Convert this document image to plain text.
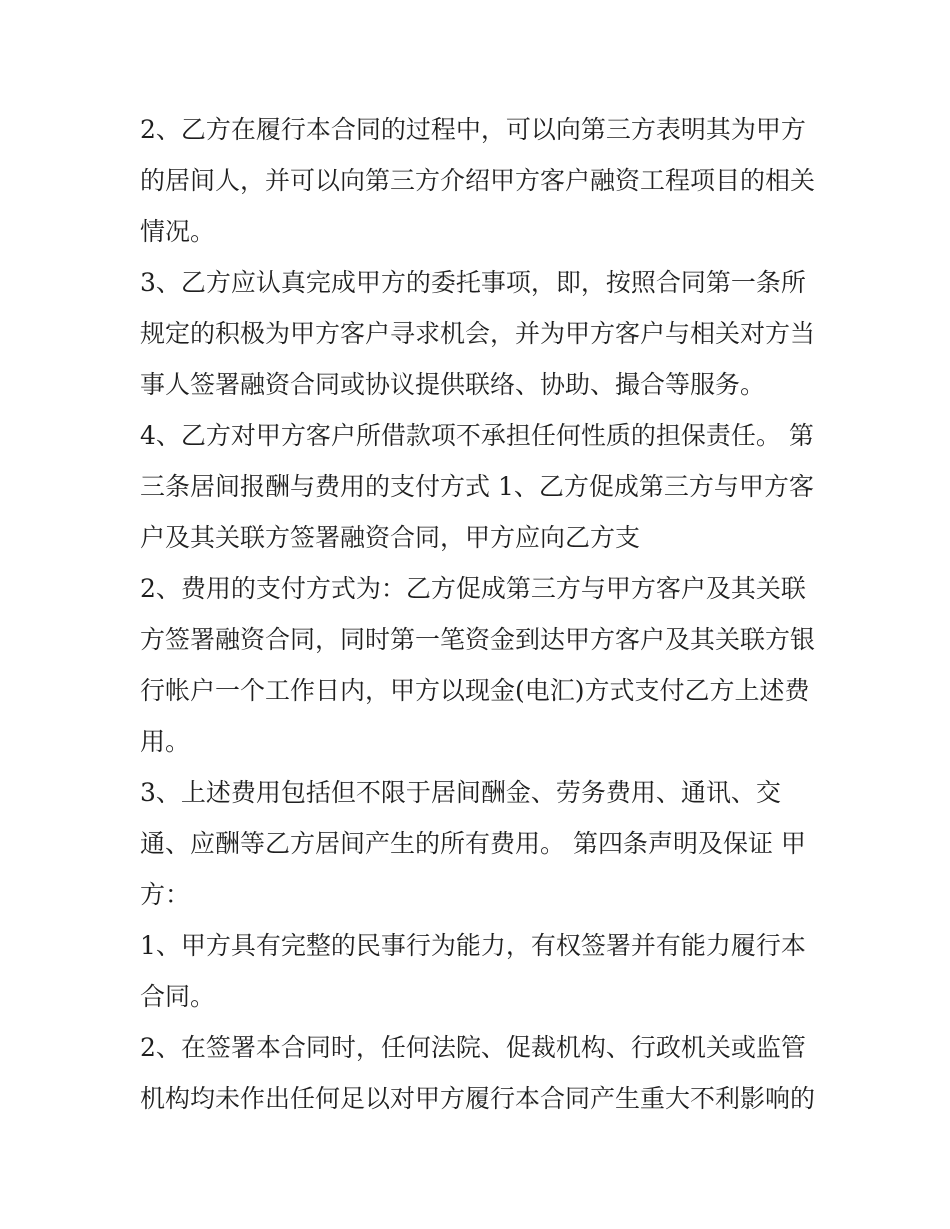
2、乙方在履行本合同的过程中，可以向第三方表明其为甲方
的居间人，并可以向第三方介绍甲方客户融资工程项目的相关
情况。

3、乙方应认真完成甲方的委托事项，即，按照合同第一条所
规定的积极为甲方客户寻求机会，并为甲方客户与相关对方当
事人签署融资合同或协议提供联络、协助、撮合等服务。

4、乙方对甲方客户所借款项不承担任何性质的担保责任。 第
三条居间报酬与费用的支付方式 1、乙方促成第三方与甲方客
户及其关联方签署融资合同，甲方应向乙方支

2、费用的支付方式为：乙方促成第三方与甲方客户及其关联
方签署融资合同，同时第一笔资金到达甲方客户及其关联方银
行帐户一个工作日内，甲方以现金(电汇)方式支付乙方上述费
用。

3、上述费用包括但不限于居间酬金、劳务费用、通讯、交
通、应酬等乙方居间产生的所有费用。 第四条声明及保证 甲
方：

1、甲方具有完整的民事行为能力，有权签署并有能力履行本
合同。

2、在签署本合同时，任何法院、促裁机构、行政机关或监管
机构均未作出任何足以对甲方履行本合同产生重大不利影响的
